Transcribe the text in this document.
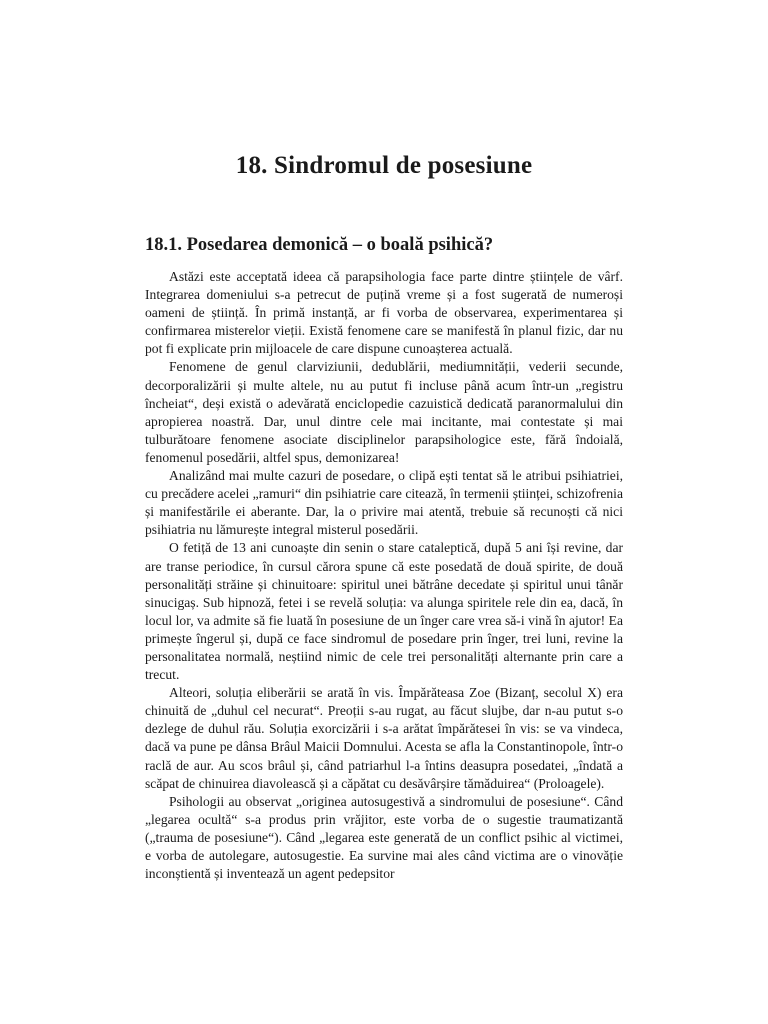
18. Sindromul de posesiune
18.1. Posedarea demonică – o boală psihică?

Astăzi este acceptată ideea că parapsihologia face parte dintre științele de vârf. Integrarea domeniului s-a petrecut de puțină vreme și a fost sugerată de numeroși oameni de știință. În primă instanță, ar fi vorba de observarea, experimentarea și confirmarea misterelor vieții. Există fenomene care se manifestă în planul fizic, dar nu pot fi explicate prin mijloacele de care dispune cunoașterea actuală.

Fenomene de genul clarviziunii, dedublării, mediumnității, vederii secunde, decorporalizării și multe altele, nu au putut fi incluse până acum într-un „registru încheiat“, deși există o adevărată enciclopedie cazuistică dedicată paranormalului din apropierea noastră. Dar, unul dintre cele mai incitante, mai contestate și mai tulburătoare fenomene asociate disciplinelor parapsihologice este, fără îndoială, fenomenul posedării, altfel spus, demonizarea!

Analizând mai multe cazuri de posedare, o clipă ești tentat să le atribui psihiatriei, cu precădere acelei „ramuri“ din psihiatrie care citează, în termenii științei, schizofrenia și manifestările ei aberante. Dar, la o privire mai atentă, trebuie să recunoști că nici psihiatria nu lămurește integral misterul posedării.

O fetiță de 13 ani cunoaște din senin o stare cataleptică, după 5 ani își revine, dar are transe periodice, în cursul cărora spune că este posedată de două spirite, de două personalități străine și chinuitoare: spiritul unei bătrâne decedate și spiritul unui tânăr sinucigaș. Sub hipnoză, fetei i se revelă soluția: va alunga spiritele rele din ea, dacă, în locul lor, va admite să fie luată în posesiune de un înger care vrea să-i vină în ajutor! Ea primește îngerul și, după ce face sindromul de posedare prin înger, trei luni, revine la personalitatea normală, neștiind nimic de cele trei personalități alternante prin care a trecut.

Alteori, soluția eliberării se arată în vis. Împărăteasa Zoe (Bizanț, secolul X) era chinuită de „duhul cel necurat“. Preoții s-au rugat, au făcut slujbe, dar n-au putut s-o dezlege de duhul rău. Soluția exorcizării i s-a arătat împărătesei în vis: se va vindeca, dacă va pune pe dânsa Brâul Maicii Domnului. Acesta se afla la Constantinopole, într-o raclă de aur. Au scos brâul și, când patriarhul l-a întins deasupra posedatei, „îndată a scăpat de chinuirea diavolească și a căpătat cu desăvârșire tămăduirea“ (Proloagele).

Psihologii au observat „originea autosugestivă a sindromului de posesiune“. Când „legarea ocultă“ s-a produs prin vrăjitor, este vorba de o sugestie traumatizantă („trauma de posesiune“). Când „legarea este generată de un conflict psihic al victimei, e vorba de autolegare, autosugestie. Ea survine mai ales când victima are o vinovăție inconștientă și inventează un agent pedepsitor
